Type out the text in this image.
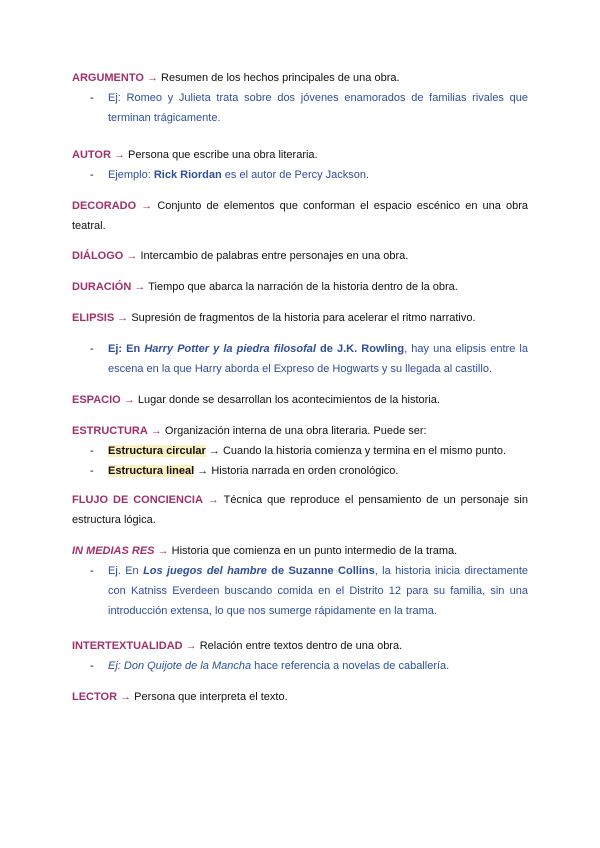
ARGUMENTO → Resumen de los hechos principales de una obra.
- Ej: Romeo y Julieta trata sobre dos jóvenes enamorados de familias rivales que terminan trágicamente.
AUTOR → Persona que escribe una obra literaria.
- Ejemplo: Rick Riordan es el autor de Percy Jackson.
DECORADO → Conjunto de elementos que conforman el espacio escénico en una obra teatral.
DIÁLOGO → Intercambio de palabras entre personajes en una obra.
DURACIÓN → Tiempo que abarca la narración de la historia dentro de la obra.
ELIPSIS → Supresión de fragmentos de la historia para acelerar el ritmo narrativo.
- Ej: En Harry Potter y la piedra filosofal de J.K. Rowling, hay una elipsis entre la escena en la que Harry aborda el Expreso de Hogwarts y su llegada al castillo.
ESPACIO → Lugar donde se desarrollan los acontecimientos de la historia.
ESTRUCTURA → Organización interna de una obra literaria. Puede ser:
- Estructura circular → Cuando la historia comienza y termina en el mismo punto.
- Estructura lineal → Historia narrada en orden cronológico.
FLUJO DE CONCIENCIA → Técnica que reproduce el pensamiento de un personaje sin estructura lógica.
IN MEDIAS RES → Historia que comienza en un punto intermedio de la trama.
- Ej. En Los juegos del hambre de Suzanne Collins, la historia inicia directamente con Katniss Everdeen buscando comida en el Distrito 12 para su familia, sin una introducción extensa, lo que nos sumerge rápidamente en la trama.
INTERTEXTUALIDAD → Relación entre textos dentro de una obra.
- Ej: Don Quijote de la Mancha hace referencia a novelas de caballería.
LECTOR → Persona que interpreta el texto.
